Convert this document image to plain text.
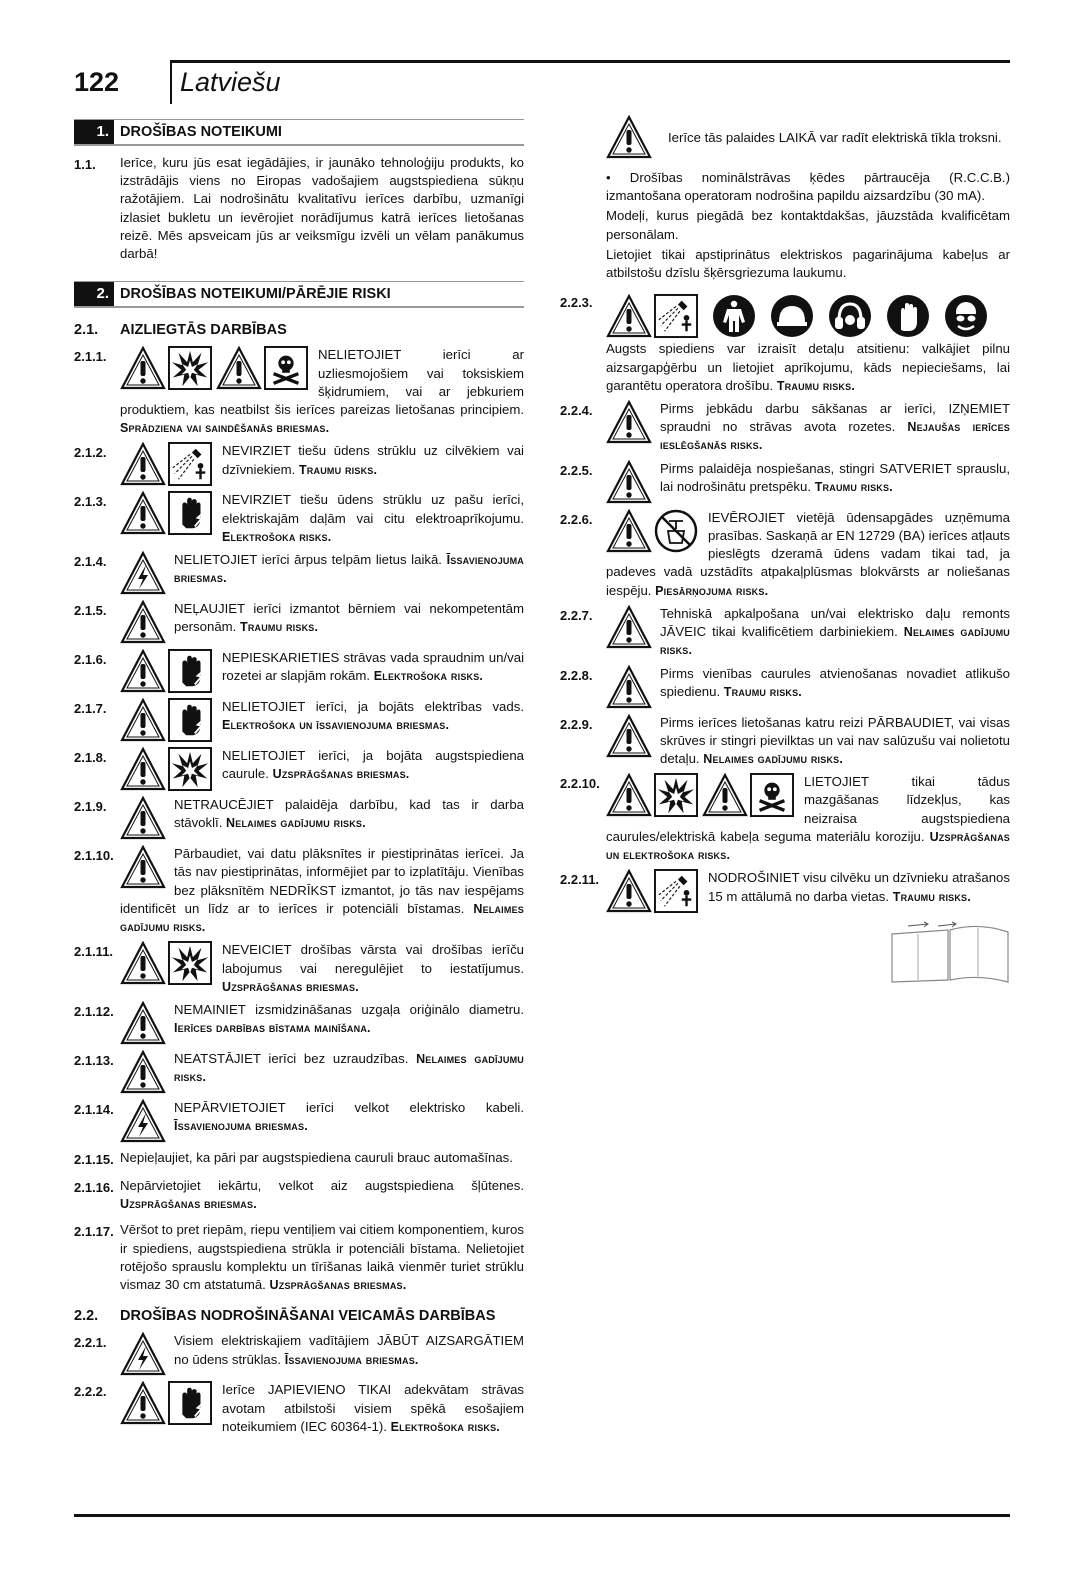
122 Latviešu
1. DROŠĪBAS NOTEIKUMI
1.1.	Ierīce, kuru jūs esat iegādājies, ir jaunāko tehnoloģiju produkts, ko izstrādājis viens no Eiropas vadošajiem augstspiediena sūkņu ražotājiem. Lai nodrošinātu kvalitatīvu ierīces darbību, uzmanīgi izlasiet bukletu un ievērojiet norādījumus katrā ierīces lietošanas reizē. Mēs apsveicam jūs ar veiksmīgu izvēli un vēlam panākumus darbā!

2. DROŠĪBAS NOTEIKUMI/PĀRĒJIE RISKI
2.1.	AIZLIEGTĀS DARBĪBAS
2.1.1.	NELIETOJIET ierīci ar uzliesmojošiem vai toksiskiem šķidrumiem, vai ar jebkuriem produktiem, kas neatbilst šis ierīces pareizas lietošanas principiem. Sprādziena vai saindēšanās briesmas.
2.1.2.	NEVIRZIET tiešu ūdens strūklu uz cilvēkiem vai dzīvniekiem. Traumu risks.
2.1.3.	NEVIRZIET tiešu ūdens strūklu uz pašu ierīci, elektriskajām daļām vai citu elektroaprīkojumu. Elektrošoka risks.
2.1.4.	NELIETOJIET ierīci ārpus telpām lietus laikā. Īssavienojuma briesmas.
2.1.5.	NEĻAUJIET ierīci izmantot bērniem vai nekompetentām personām. Traumu risks.
2.1.6.	NEPIESKARIETIES strāvas vada spraudnim un/vai rozetei ar slapjām rokām. Elektrošoka risks.
2.1.7.	NELIETOJIET ierīci, ja bojāts elektrības vads. Elektrošoka un īssavienojuma briesmas.
2.1.8.	NELIETOJIET ierīci, ja bojāta augstspiediena caurule. Uzsprāgšanas briesmas.
2.1.9.	NETRAUCĒJIET palaidēja darbību, kad tas ir darba stāvoklī. Nelaimes gadījumu risks.
2.1.10.	Pārbaudiet, vai datu plāksnītes ir piestiprinātas ierīcei. Ja tās nav piestiprinātas, informējiet par to izplatītāju. Vienības bez plāksnītēm NEDRĪKST izmantot, jo tās nav iespējams identificēt un līdz ar to ierīces ir potenciāli bīstamas. Nelaimes gadījumu risks.
2.1.11.	NEVEICIET drošības vārsta vai drošības ierīču labojumus vai neregulējiet to iestatījumus. Uzsprāgšanas briesmas.
2.1.12.	NEMAINIET izsmidzināšanas uzgaļa oriģinālo diametru. Ierīces darbības bīstama mainīšana.
2.1.13.	NEATSTĀJIET ierīci bez uzraudzības. Nelaimes gadījumu risks.
2.1.14.	NEPĀRVIETOJIET ierīci velkot elektrisko kabeli. Īssavienojuma briesmas.
2.1.15. Nepieļaujiet, ka pāri par augstspiediena cauruli brauc automašīnas.
2.1.16. Nepārvietojiet iekārtu, velkot aiz augstspiediena šļūtenes. Uzsprāgšanas briesmas.
2.1.17. Vēršot to pret riepām, riepu ventiļiem vai citiem komponentiem, kuros ir spiediens, augstspiediena strūkla ir potenciāli bīstama. Nelietojiet rotējošo sprauslu komplektu un tīrīšanas laikā vienmēr turiet strūklu vismaz 30 cm atstatumā. Uzsprāgšanas briesmas.
2.2.	DROŠĪBAS NODROŠINĀŠANAI VEICAMĀS DARBĪBAS
2.2.1.	Visiem elektriskajiem vadītājiem JĀBŪT AIZSARGĀTIEM no ūdens strūklas. Īssavienojuma briesmas.
2.2.2.	Ierīce JAPIEVIENO TIKAI adekvātam strāvas avotam atbilstoši visiem spēkā esošajiem noteikumiem (IEC 60364-1). Elektrošoka risks.
Ierīce tās palaides LAIKĀ var radīt elektriskā tīkla troksni.

• Drošības nominālstrāvas ķēdes pārtraucēja (R.C.C.B.) izmantošana operatoram nodrošina papildu aizsardzību (30 mA).

Modeļi, kurus piegādā bez kontaktdakšas, jāuzstāda kvalificētam personālam.

Lietojiet tikai apstiprinātus elektriskos pagarinājuma kabeļus ar atbilstošu dzīslu šķērsgriezuma laukumu.

2.2.3.
Augsts spiediens var izraisīt detaļu atsitienu: valkājiet pilnu aizsargapģērbu un lietojiet aprīkojumu, kāds nepieciešams, lai garantētu operatora drošību. Traumu risks.
2.2.4.	Pirms jebkādu darbu sākšanas ar ierīci, IZŅEMIET spraudni no strāvas avota rozetes. Nejaušas ierīces ieslēgšanās risks.
2.2.5.	Pirms palaidēja nospiešanas, stingri SATVERIET sprauslu, lai nodrošinātu pretspēku. Traumu risks.
2.2.6.	IEVĒROJIET vietējā ūdensapgādes uzņēmuma prasības. Saskaņā ar EN 12729 (BA) ierīces atļauts pieslēgts dzeramā ūdens vadam tikai tad, ja padeves vadā uzstādīts atpakaļplūsmas blokvārsts ar noliešanas iespēju. Piesārņojuma risks.
2.2.7.	Tehniskā apkalpošana un/vai elektrisko daļu remonts JĀVEIC tikai kvalificētiem darbiniekiem. Nelaimes gadījumu risks.
2.2.8.	Pirms vienības caurules atvienošanas novadiet atlikušo spiedienu. Traumu risks.
2.2.9.	Pirms ierīces lietošanas katru reizi PĀRBAUDIET, vai visas skrūves ir stingri pievilktas un vai nav salūzušu vai nolietotu detaļu. Nelaimes gadījumu risks.
2.2.10.	LIETOJIET tikai tādus mazgāšanas līdzekļus, kas neizraisa augstspiediena caurules/elektriskā kabeļa seguma materiālu koroziju. Uzsprāgšanas un elektrošoka risks.
2.2.11.	NODROŠINIET visu cilvēku un dzīvnieku atrašanos 15 m attālumā no darba vietas. Traumu risks.
